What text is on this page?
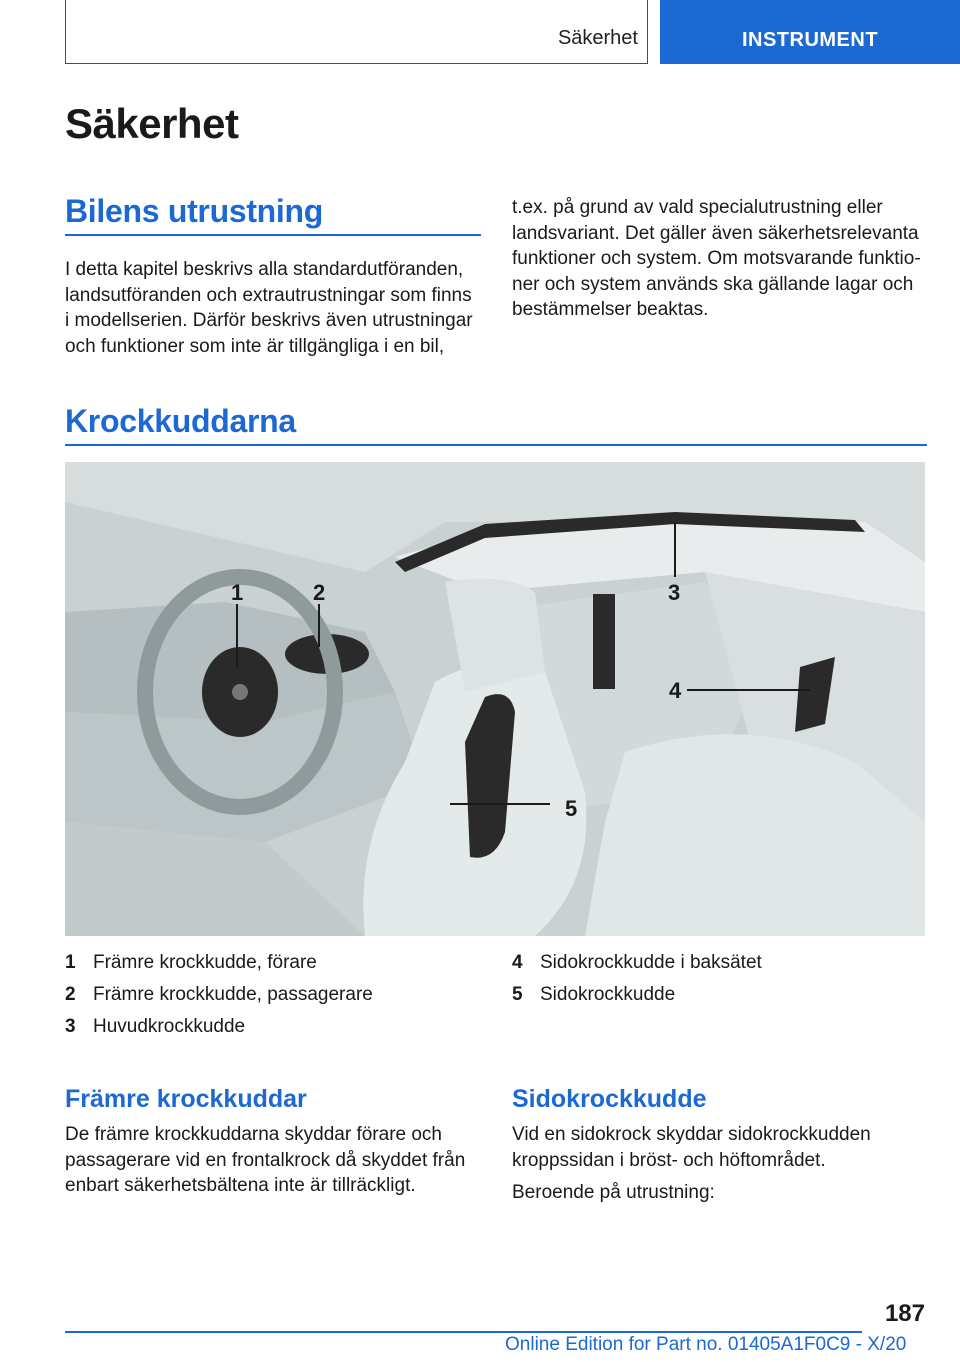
Säkerhet	INSTRUMENT
Säkerhet
Bilens utrustning

I detta kapitel beskrivs alla standardutföranden,
landsutföranden och extrautrustningar som finns
i modellserien. Därför beskrivs även utrustningar
och funktioner som inte är tillgängliga i en bil,

t.ex. på grund av vald specialutrustning eller
landsvariant. Det gäller även säkerhetsrelevanta
funktioner och system. Om motsvarande funktio-
ner och system används ska gällande lagar och
bestämmelser beaktas.

Krockkuddarna
1	2	3
4
5
1 Främre krockkudde, förare
2 Främre krockkudde, passagerare
3 Huvudkrockkudde
4 Sidokrockkudde i baksätet
5 Sidokrockkudde
Främre krockkuddar

De främre krockkuddarna skyddar förare och
passagerare vid en frontalkrock då skyddet från
enbart säkerhetsbältena inte är tillräckligt.

Sidokrockkudde

Vid en sidokrock skyddar sidokrockkudden
kroppssidan i bröst- och höftområdet.

Beroende på utrustning:

187
Online Edition for Part no. 01405A1F0C9 - X/20
